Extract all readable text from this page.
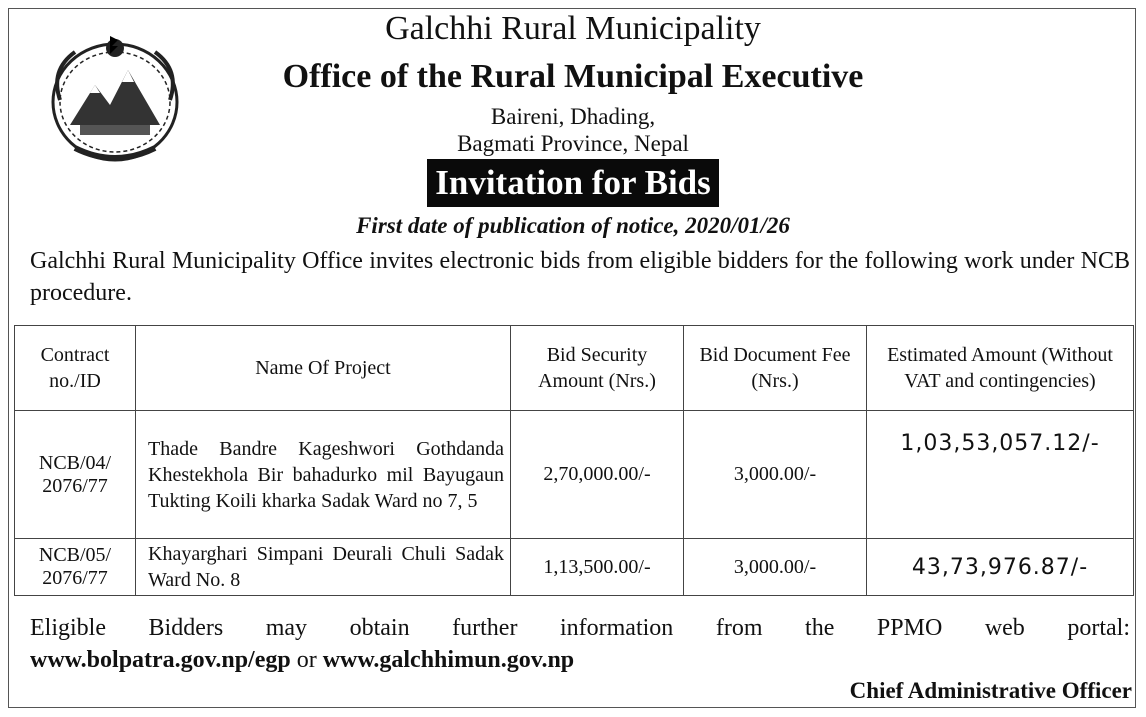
Galchhi Rural Municipality
Office of the Rural Municipal Executive
Baireni, Dhading,
Bagmati Province, Nepal
Invitation for Bids
First date of publication of notice, 2020/01/26
Galchhi Rural Municipality Office invites electronic bids from eligible bidders for the following work under NCB procedure.
Contract no./ID	Name Of Project	Bid Security Amount (Nrs.)	Bid Document Fee (Nrs.)	Estimated Amount (Without VAT and contingencies)
NCB/04/ 2076/77	Thade Bandre Kageshwori Gothdanda Khestekhola Bir bahadurko mil Bayugaun Tukting Koili kharka Sadak Ward no 7, 5	2,70,000.00/-	3,000.00/-	1,03,53,057.12/-
NCB/05/ 2076/77	Khayarghari Simpani Deurali Chuli Sadak Ward No. 8	1,13,500.00/-	3,000.00/-	43,73,976.87/-
Eligible Bidders may obtain further information from the PPMO web portal:
www.bolpatra.gov.np/egp or www.galchhimun.gov.np
Chief Administrative Officer
